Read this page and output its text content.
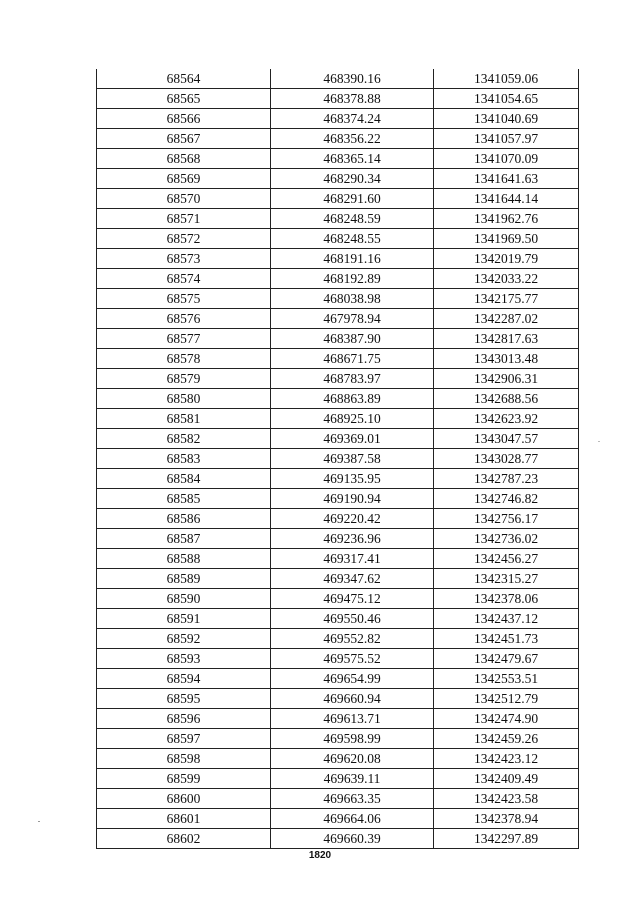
68564	468390.16	1341059.06
68565	468378.88	1341054.65
68566	468374.24	1341040.69
68567	468356.22	1341057.97
68568	468365.14	1341070.09
68569	468290.34	1341641.63
68570	468291.60	1341644.14
68571	468248.59	1341962.76
68572	468248.55	1341969.50
68573	468191.16	1342019.79
68574	468192.89	1342033.22
68575	468038.98	1342175.77
68576	467978.94	1342287.02
68577	468387.90	1342817.63
68578	468671.75	1343013.48
68579	468783.97	1342906.31
68580	468863.89	1342688.56
68581	468925.10	1342623.92
68582	469369.01	1343047.57
68583	469387.58	1343028.77
68584	469135.95	1342787.23
68585	469190.94	1342746.82
68586	469220.42	1342756.17
68587	469236.96	1342736.02
68588	469317.41	1342456.27
68589	469347.62	1342315.27
68590	469475.12	1342378.06
68591	469550.46	1342437.12
68592	469552.82	1342451.73
68593	469575.52	1342479.67
68594	469654.99	1342553.51
68595	469660.94	1342512.79
68596	469613.71	1342474.90
68597	469598.99	1342459.26
68598	469620.08	1342423.12
68599	469639.11	1342409.49
68600	469663.35	1342423.58
68601	469664.06	1342378.94
68602	469660.39	1342297.89
1820
